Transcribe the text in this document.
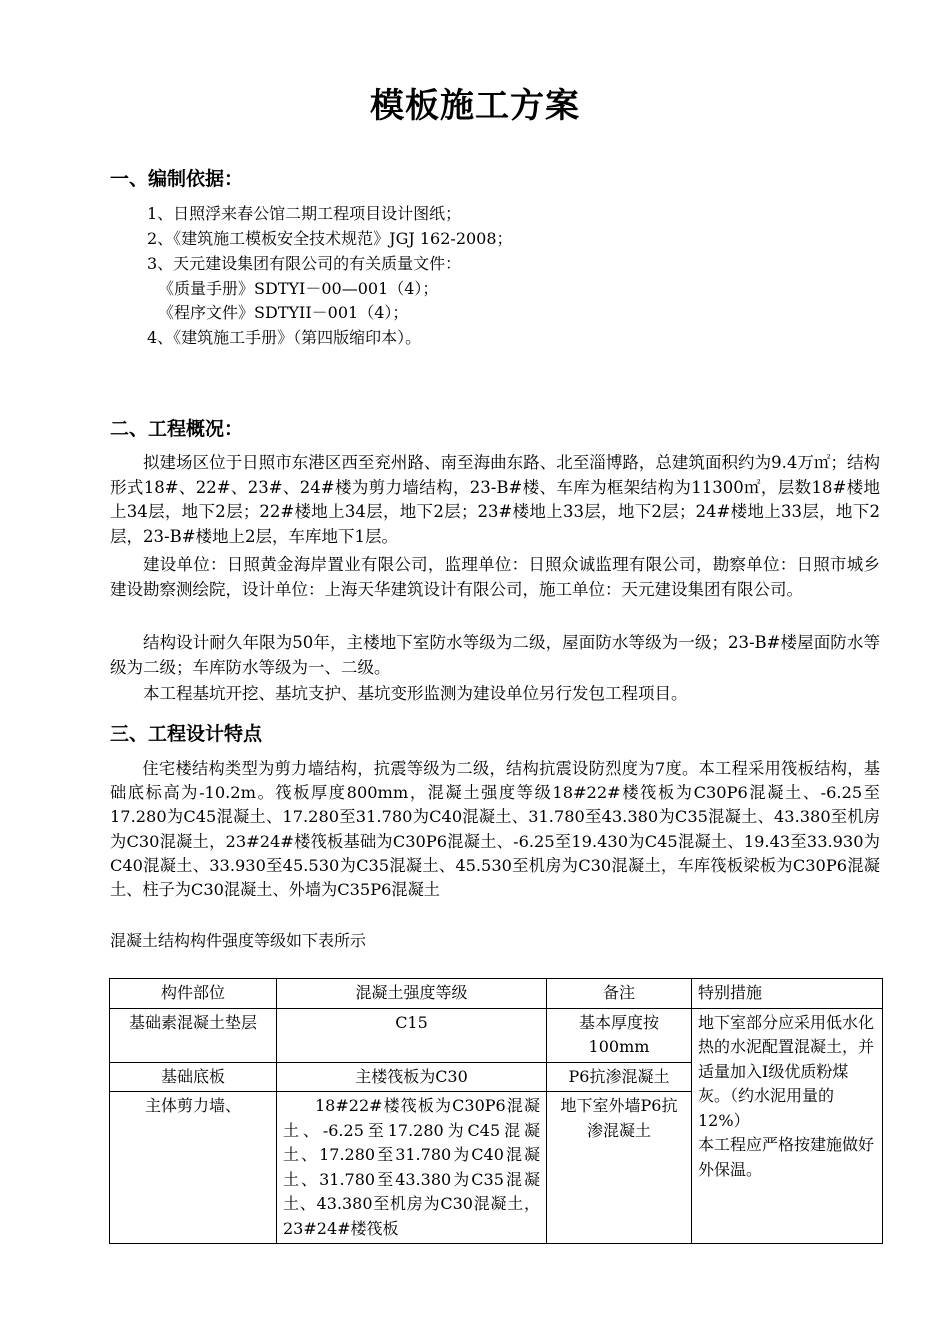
模板施工方案
一、编制依据：
1、日照浮来春公馆二期工程项目设计图纸；
2、《建筑施工模板安全技术规范》JGJ 162-2008；
3、天元建设集团有限公司的有关质量文件：
《质量手册》SDTYI－00—001（4）；
《程序文件》SDTYII－001（4）；
4、《建筑施工手册》（第四版缩印本）。
二、工程概况：

拟建场区位于日照市东港区西至兖州路、南至海曲东路、北至淄博路，总建筑面积约为9.4万㎡；结构形式18#、22#、23#、24#楼为剪力墙结构，23-B#楼、车库为框架结构为11300㎡，层数18#楼地上34层，地下2层；22#楼地上34层，地下2层；23#楼地上33层，地下2层；24#楼地上33层，地下2层，23-B#楼地上2层，车库地下1层。

建设单位：日照黄金海岸置业有限公司，监理单位：日照众诚监理有限公司，勘察单位：日照市城乡建设勘察测绘院，设计单位：上海天华建筑设计有限公司，施工单位：天元建设集团有限公司。

结构设计耐久年限为50年，主楼地下室防水等级为二级，屋面防水等级为一级；23-B#楼屋面防水等级为二级；车库防水等级为一、二级。

本工程基坑开挖、基坑支护、基坑变形监测为建设单位另行发包工程项目。

三、工程设计特点

住宅楼结构类型为剪力墙结构，抗震等级为二级，结构抗震设防烈度为7度。本工程采用筏板结构，基础底标高为-10.2m。筏板厚度800mm，混凝土强度等级18#22#楼筏板为C30P6混凝土、-6.25至17.280为C45混凝土、17.280至31.780为C40混凝土、31.780至43.380为C35混凝土、43.380至机房为C30混凝土，23#24#楼筏板基础为C30P6混凝土、-6.25至19.430为C45混凝土、19.43至33.930为C40混凝土、33.930至45.530为C35混凝土、45.530至机房为C30混凝土，车库筏板梁板为C30P6混凝土、柱子为C30混凝土、外墙为C35P6混凝土

混凝土结构构件强度等级如下表所示
构件部位	混凝土强度等级	备注	特别措施
基础素混凝土垫层	C15	基本厚度按100mm	地下室部分应采用低水化热的水泥配置混凝土，并适量加入Ⅰ级优质粉煤灰。（约水泥用量的12%）
本工程应严格按建施做好外保温。

基础底板	主楼筏板为C30	P6抗渗混凝土	
主体剪力墙、	18#22#楼筏板为C30P6混凝土、-6.25至17.280为C45混凝土、17.280至31.780为C40混凝土、31.780至43.380为C35混凝土、43.380至机房为C30混凝土，23#24#楼筏板	地下室外墙P6抗渗混凝土	
